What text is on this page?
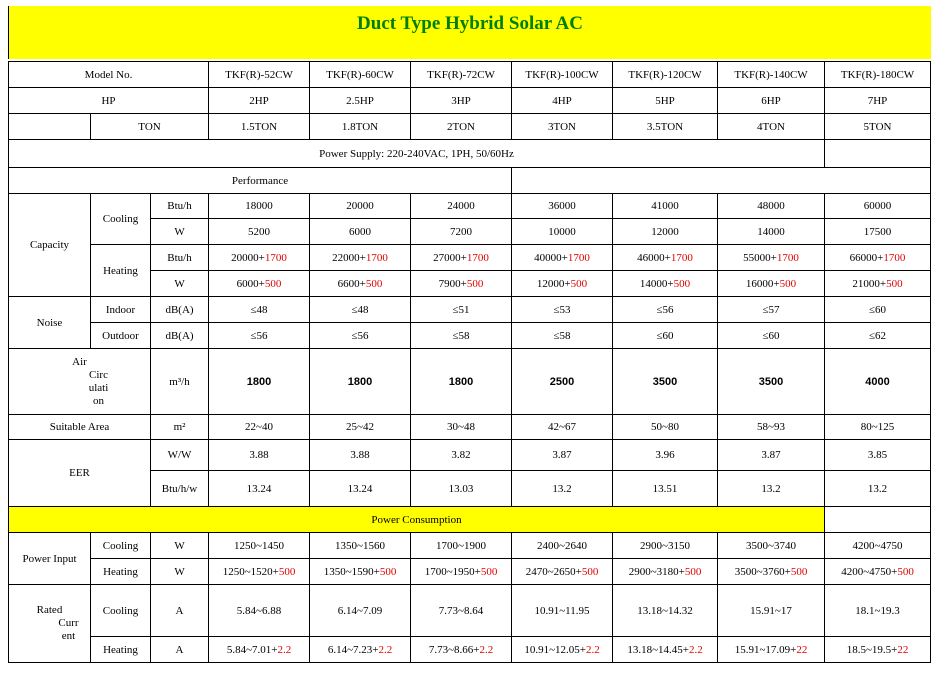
Duct Type Hybrid Solar AC
Model No.			TKF(R)-52CW	TKF(R)-60CW	TKF(R)-72CW	TKF(R)-100CW	TKF(R)-120CW	TKF(R)-140CW	TKF(R)-180CW
HP			2HP	2.5HP	3HP	4HP	5HP	6HP	7HP
	TON		1.5TON	1.8TON	2TON	3TON	3.5TON	4TON	5TON
Power Supply: 220-240VAC, 1PH, 50/60Hz									
Performance									
Capacity	Cooling	Btu/h	18000	20000	24000	36000	41000	48000	60000
		W	5200	6000	7200	10000	12000	14000	17500
	Heating	Btu/h	20000+1700	22000+1700	27000+1700	40000+1700	46000+1700	55000+1700	66000+1700
		W	6000+500	6600+500	7900+500	12000+500	14000+500	16000+500	21000+500
Noise	Indoor	dB(A)	≤48	≤48	≤51	≤53	≤56	≤57	≤60
	Outdoor	dB(A)	≤56	≤56	≤58	≤58	≤60	≤60	≤62

Air
Circ
ulati
on		m³/h	1800	1800	1800	2500	3500	3500	4000
Suitable Area		m²	22~40	25~42	30~48	42~67	50~80	58~93	80~125
EER		W/W	3.88	3.88	3.82	3.87	3.96	3.87	3.85
		Btu/h/w	13.24	13.24	13.03	13.2	13.51	13.2	13.2
Power Consumption									
Power Input	Cooling	W	1250~1450	1350~1560	1700~1900	2400~2640	2900~3150	3500~3740	4200~4750
	Heating	W	1250~1520+500	1350~1590+500	1700~1950+500	2470~2650+500	2900~3180+500	3500~3760+500	4200~4750+500

Rated
Curr
ent	Cooling	A	5.84~6.88	6.14~7.09	7.73~8.64	10.91~11.95	13.18~14.32	15.91~17	18.1~19.3
	Heating	A	5.84~7.01+2.2	6.14~7.23+2.2	7.73~8.66+2.2	10.91~12.05+2.2	13.18~14.45+2.2	15.91~17.09+22	18.5~19.5+22
